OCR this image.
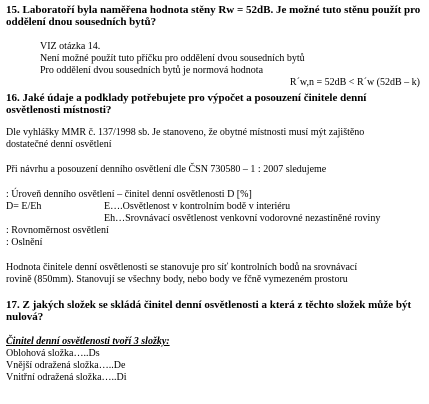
15. Laboratoří byla naměřena hodnota stěny Rw = 52dB. Je možné tuto stěnu použít pro
oddělení dnou sousedních bytů?
VIZ otázka 14.
Není možné použít tuto příčku pro oddělení dvou sousedních bytů
Pro oddělení dvou sousedních bytů je normová hodnota
R´w,n = 52dB < R´w (52dB – k)
16. Jaké údaje a podklady potřebujete pro výpočet a posouzení činitele denní
osvětlenosti místnosti?
Dle vyhlášky MMR č. 137/1998 sb. Je stanoveno, že obytné místnosti musí mýt zajištěno
dostatečné denní osvětlení
Při návrhu a posouzení denního osvětlení dle ČSN 730580 – 1 : 2007 sledujeme
: Úroveň denního osvětlení – činitel denní osvětlenosti D [%]
D= E/Eh	E….Osvětlenost v kontrolním bodě v interiéru
Eh…Srovnávací osvětlenost venkovní vodorovné nezastíněné roviny
: Rovnoměrnost osvětlení
: Oslnění
Hodnota činitele denní osvětlenosti se stanovuje pro síť kontrolních bodů na srovnávací
rovině (850mm). Stanovují se všechny body, nebo body ve fčně vymezeném prostoru
17. Z jakých složek se skládá činitel denní osvětlenosti a která z těchto složek může být
nulová?
Činitel denní osvětlenosti tvoří 3 složky:
Oblohová složka…..Ds
Vnější odražená složka…..De
Vnitřní odražená složka…..Di
